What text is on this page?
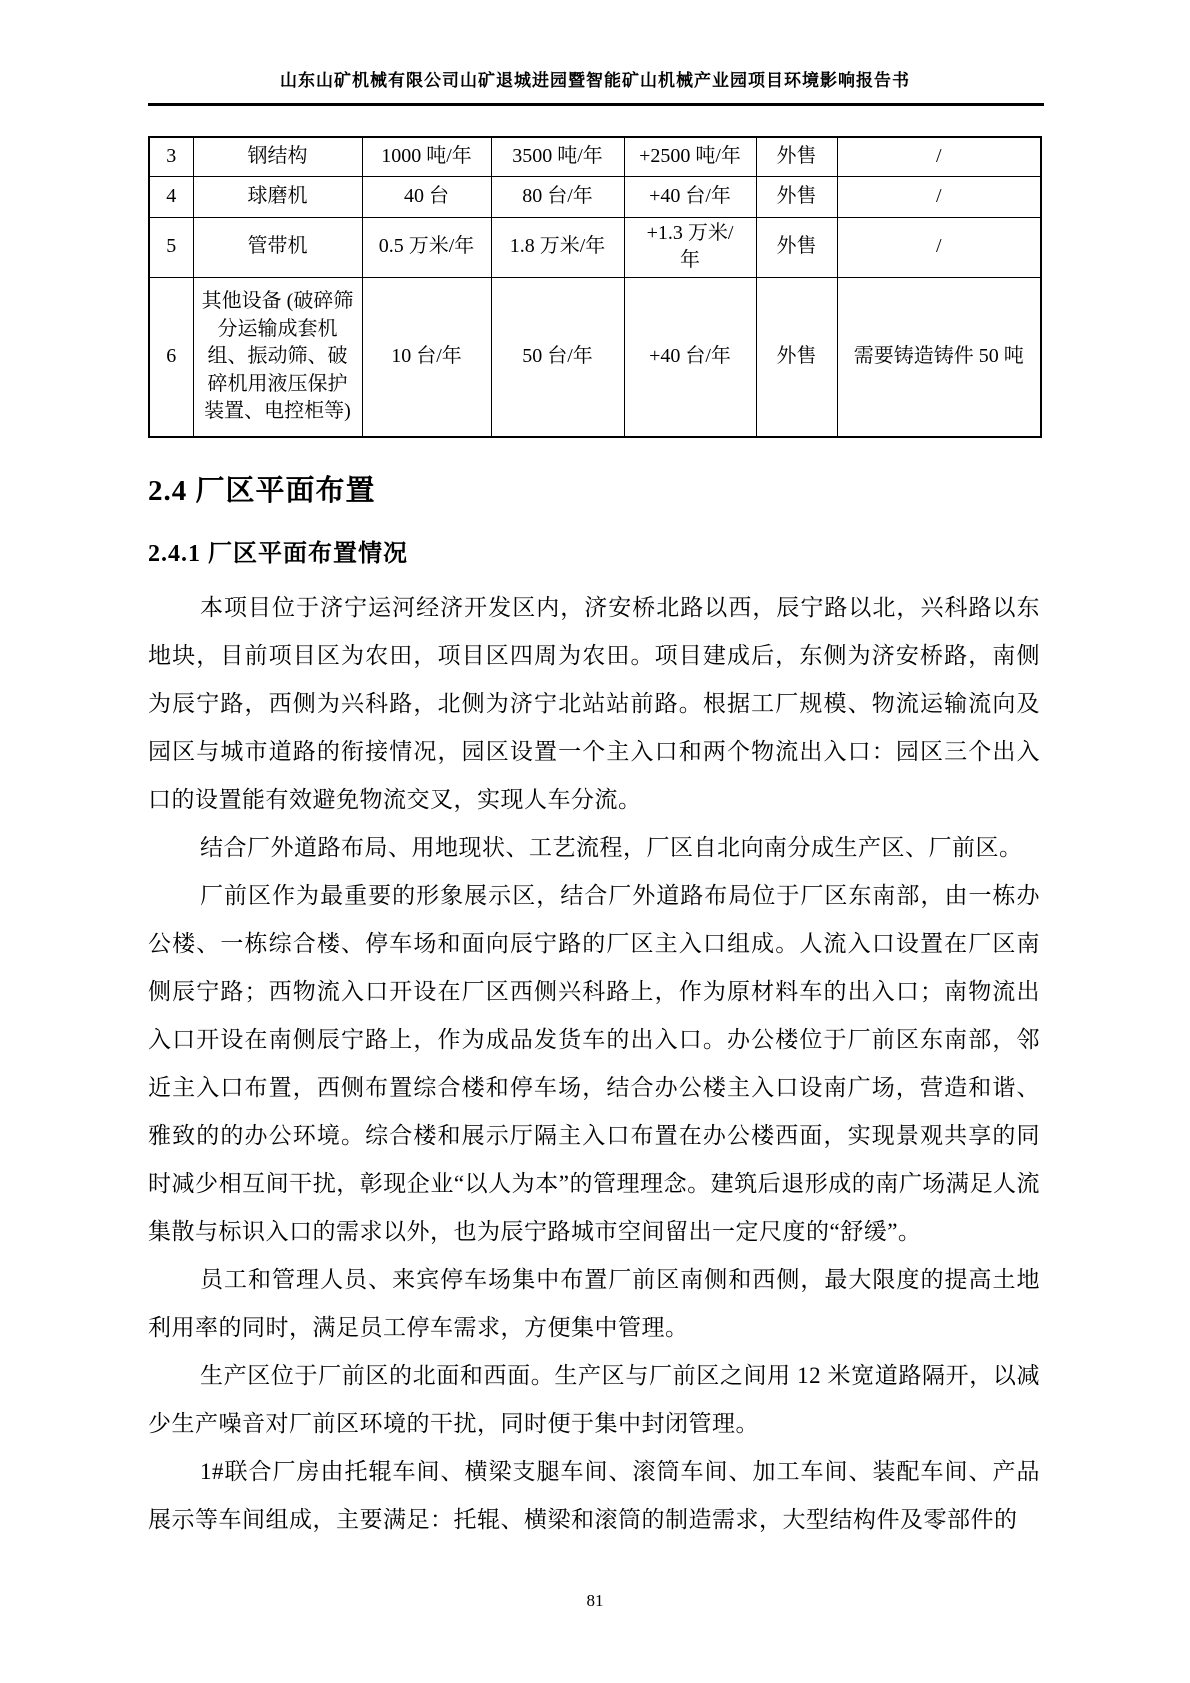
山东山矿机械有限公司山矿退城进园暨智能矿山机械产业园项目环境影响报告书
3	钢结构	1000 吨/年	3500 吨/年	+2500 吨/年	外售	/
4	球磨机	40 台	80 台/年	+40 台/年	外售	/
5	管带机	0.5 万米/年	1.8 万米/年	+1.3 万米/年	外售	/
6	其他设备 (破碎筛分运输成套机组、振动筛、破碎机用液压保护装置、电控柜等)	10 台/年	50 台/年	+40 台/年	外售	需要铸造铸件 50 吨
2.4 厂区平面布置
2.4.1 厂区平面布置情况

本项目位于济宁运河经济开发区内，济安桥北路以西，辰宁路以北，兴科路以东地块，目前项目区为农田，项目区四周为农田。项目建成后，东侧为济安桥路，南侧为辰宁路，西侧为兴科路，北侧为济宁北站站前路。根据工厂规模、物流运输流向及园区与城市道路的衔接情况，园区设置一个主入口和两个物流出入口：园区三个出入口的设置能有效避免物流交叉，实现人车分流。

结合厂外道路布局、用地现状、工艺流程，厂区自北向南分成生产区、厂前区。

厂前区作为最重要的形象展示区，结合厂外道路布局位于厂区东南部，由一栋办公楼、一栋综合楼、停车场和面向辰宁路的厂区主入口组成。人流入口设置在厂区南侧辰宁路；西物流入口开设在厂区西侧兴科路上，作为原材料车的出入口；南物流出入口开设在南侧辰宁路上，作为成品发货车的出入口。办公楼位于厂前区东南部，邻近主入口布置，西侧布置综合楼和停车场，结合办公楼主入口设南广场，营造和谐、雅致的的办公环境。综合楼和展示厅隔主入口布置在办公楼西面，实现景观共享的同时减少相互间干扰，彰现企业“以人为本”的管理理念。建筑后退形成的南广场满足人流集散与标识入口的需求以外，也为辰宁路城市空间留出一定尺度的“舒缓”。

员工和管理人员、来宾停车场集中布置厂前区南侧和西侧，最大限度的提高土地利用率的同时，满足员工停车需求，方便集中管理。

生产区位于厂前区的北面和西面。生产区与厂前区之间用 12 米宽道路隔开，以减少生产噪音对厂前区环境的干扰，同时便于集中封闭管理。

1#联合厂房由托辊车间、横梁支腿车间、滚筒车间、加工车间、装配车间、产品展示等车间组成，主要满足：托辊、横梁和滚筒的制造需求，大型结构件及零部件的

81
